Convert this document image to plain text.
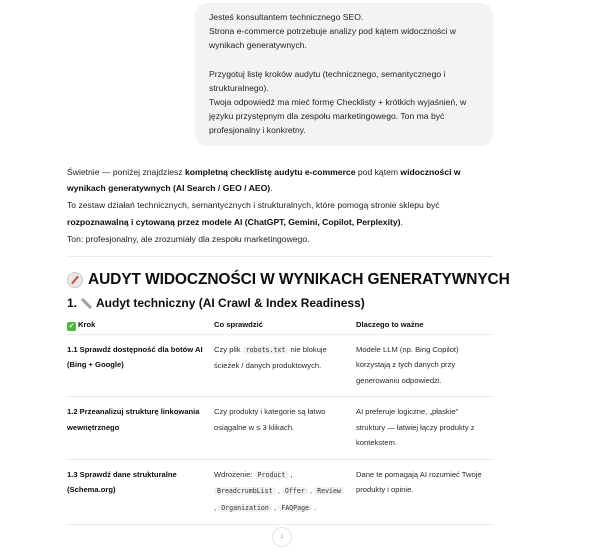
Jesteś konsultantem technicznego SEO.

Strona e-commerce potrzebuje analizy pod kątem widoczności w wynikach generatywnych.

Przygotuj listę kroków audytu (technicznego, semantycznego i strukturalnego).

Twoja odpowiedź ma mieć formę Checklisty + krótkich wyjaśnień, w języku przystępnym dla zespołu marketingowego. Ton ma być profesjonalny i konkretny.

Świetnie — poniżej znajdziesz kompletną checklistę audytu e-commerce pod kątem widoczności w wynikach generatywnych (AI Search / GEO / AEO).

To zestaw działań technicznych, semantycznych i strukturalnych, które pomogą stronie sklepu być rozpoznawalną i cytowaną przez modele AI (ChatGPT, Gemini, Copilot, Perplexity).

Ton: profesjonalny, ale zrozumiały dla zespołu marketingowego.

AUDYT WIDOCZNOŚCI W WYNIKACH GENERATYWNYCH
1. Audyt techniczny (AI Crawl & Index Readiness)
✓ Krok	Co sprawdzić	Dlaczego to ważne
1.1 Sprawdź dostępność dla botów AI (Bing + Google)
Czy plik robots.txt nie blokuje ścieżek / danych produktowych.
Modele LLM (np. Bing Copilot) korzystają z tych danych przy generowaniu odpowiedzi.
1.2 Przeanalizuj strukturę linkowania wewnętrznego
Czy produkty i kategorie są łatwo osiągalne w ≤ 3 klikach.
AI preferuje logiczne, „płaskie” struktury — łatwiej łączy produkty z kontekstem.
1.3 Sprawdź dane strukturalne (Schema.org)
Wdrożenie: Product , BreadcrumbList , Offer , Review , Organization , FAQPage .
Dane te pomagają AI rozumieć Twoje produkty i opinie.
↓
